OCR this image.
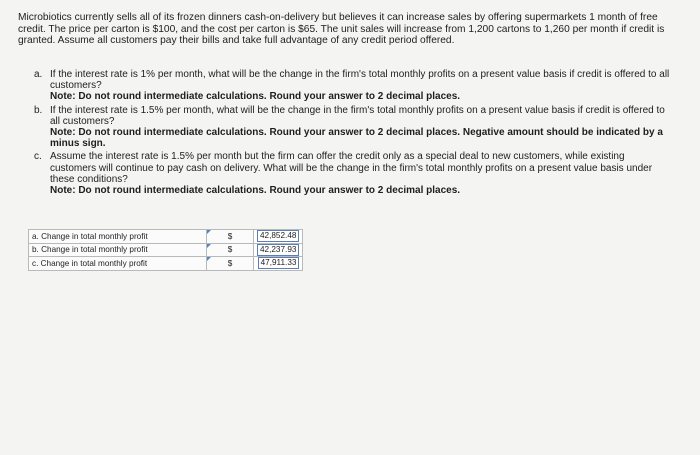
Microbiotics currently sells all of its frozen dinners cash-on-delivery but believes it can increase sales by offering supermarkets 1 month of free credit. The price per carton is $100, and the cost per carton is $65. The unit sales will increase from 1,200 cartons to 1,260 per month if credit is granted. Assume all customers pay their bills and take full advantage of any credit period offered.

a. If the interest rate is 1% per month, what will be the change in the firm's total monthly profits on a present value basis if credit is offered to all customers?
Note: Do not round intermediate calculations. Round your answer to 2 decimal places.
b. If the interest rate is 1.5% per month, what will be the change in the firm's total monthly profits on a present value basis if credit is offered to all customers?
Note: Do not round intermediate calculations. Round your answer to 2 decimal places. Negative amount should be indicated by a minus sign.
c. Assume the interest rate is 1.5% per month but the firm can offer the credit only as a special deal to new customers, while existing customers will continue to pay cash on delivery. What will be the change in the firm's total monthly profits on a present value basis under these conditions?
Note: Do not round intermediate calculations. Round your answer to 2 decimal places.
a. Change in total monthly profit	$	42,852.48
b. Change in total monthly profit	$	42,237.93
c. Change in total monthly profit	$	47,911.33
